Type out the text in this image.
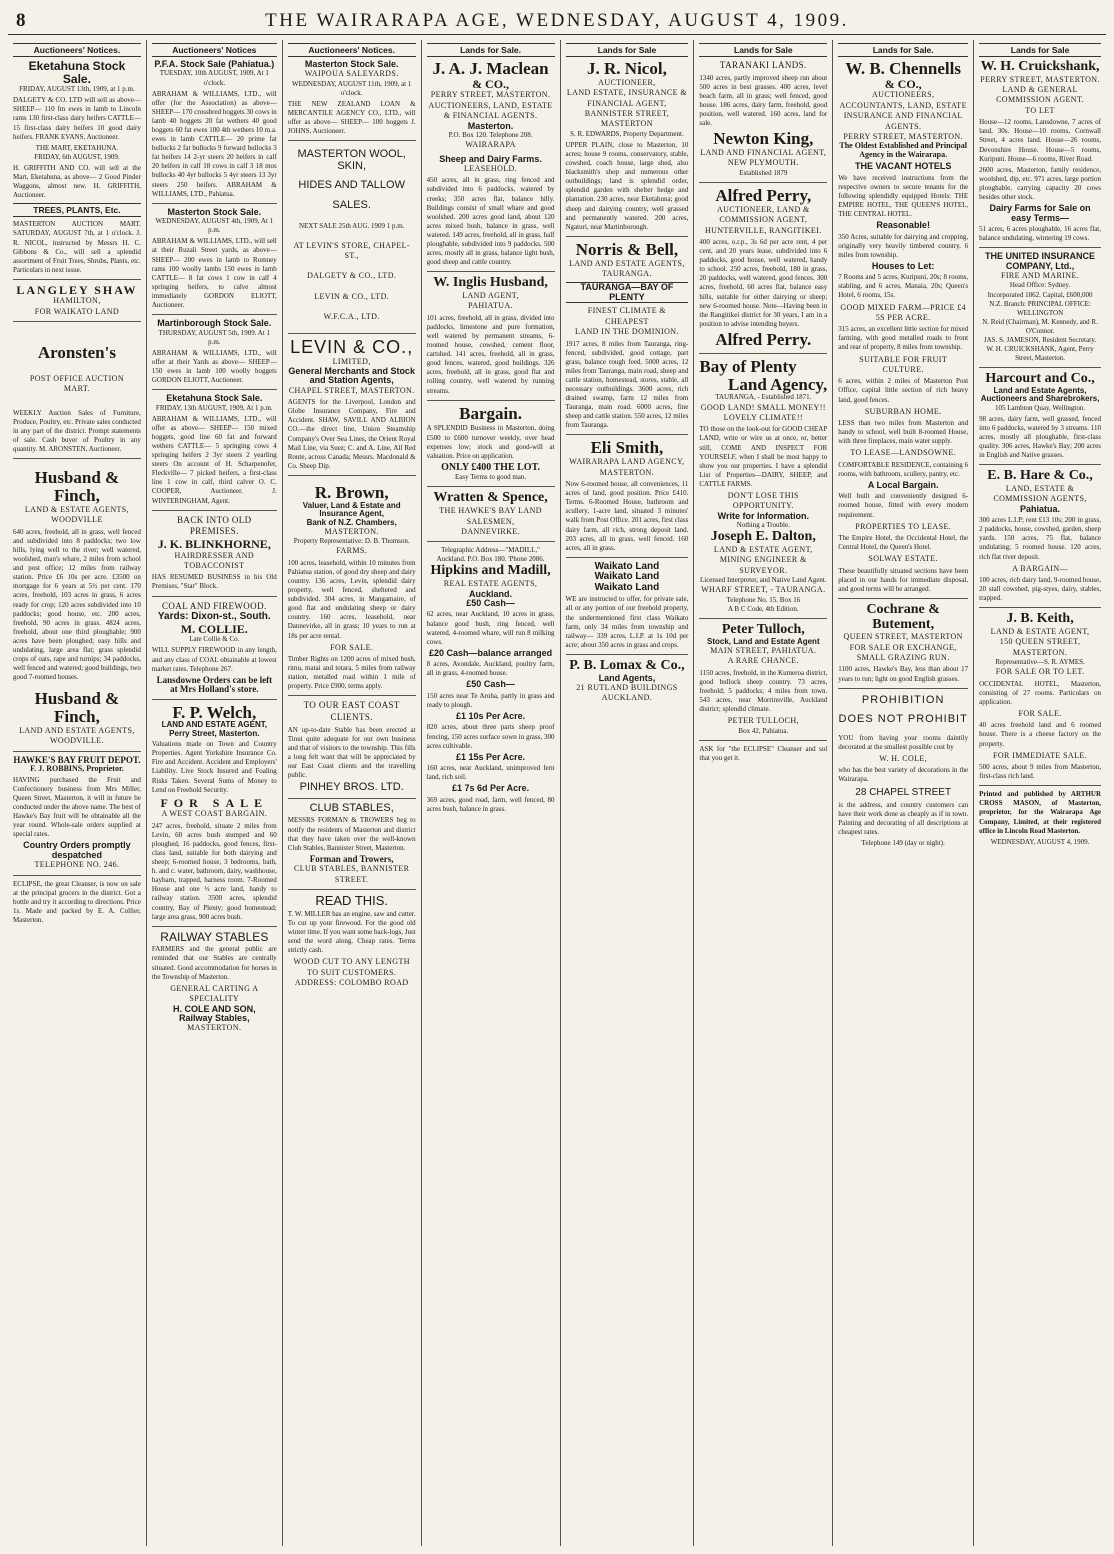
8	THE WAIRARAPA AGE, WEDNESDAY, AUGUST 4, 1909.
Auctioneers' Notices.
Eketahuna Stock Sale.
FRIDAY, AUGUST 13th, 1909, at 1 p.m.

DALGETY & CO. LTD will sell as above— SHEEP— 110 fm ewes in lamb to Lincoln rams 130 first-class dairy heifers CATTLE— 15 first-class dairy heifers 10 good dairy heifers. FRANK EVANS, Auctioneer.

THE MART, EKETAHUNA.
FRIDAY, 6th AUGUST, 1909.

H. GRIFFITH AND CO. will sell at the Mart, Eketahuna, as above— 2 Good Pinder Waggons, almost new. H. GRIFFITH, Auctioneer.

TREES, PLANTS, Etc.

MASTERTON AUCTION MART. SATURDAY, AUGUST 7th, at 1 o'clock. J. R. NICOL, instructed by Messrs H. C. Gibbons & Co., will sell a splendid assortment of Fruit Trees, Shrubs, Plants, etc. Particulars in next issue.

LANGLEY SHAW
HAMILTON,
FOR WAIKATO LAND
Aronsten's
POST OFFICE AUCTION
MART.

WEEKLY Auction Sales of Furniture, Produce, Poultry, etc. Private sales conducted in any part of the district. Prompt statements of sale. Cash buyer of Poultry in any quantity. M. ARONSTEN, Auctioneer.

Husband & Finch,
LAND & ESTATE AGENTS,
WOODVILLE

640 acres, freehold, all in grass, well fenced and subdivided into 8 paddocks; two low hills, lying well to the river; well watered, woolshed, man's whare, 2 miles from school and post office; 12 miles from railway station. Price £6 10s per acre. £3500 on mortgage for 6 years at 5½ per cent. 170 acres, freehold, 103 acres in grass, 6 acres ready for crop; 120 acres subdivided into 10 paddocks; good house, etc. 200 acres, freehold, 90 acres in grass. 4824 acres, freehold, about one third ploughable; 900 acres have been ploughed; easy hills and undulating, large area flat; grass splendid crops of oats, rape and turnips; 34 paddocks, well fenced and watered; good buildings, two good 7-roomed houses.

Husband & Finch,
LAND AND ESTATE AGENTS,
WOODVILLE.
HAWKE'S BAY FRUIT DEPOT.
F. J. ROBBINS, Proprietor.

HAVING purchased the Fruit and Confectionery business from Mrs Miller, Queen Street, Masterton, it will in future be conducted under the above name. The best of Hawke's Bay fruit will be obtainable all the year round. Whole-sale orders supplied at special rates.

Country Orders promptly despatched
TELEPHONE NO. 246.

ECLIPSE, the great Cleanser, is now on sale at the principal grocers in the district. Got a bottle and try it according to directions. Price 1s. Made and packed by E. A. Collier, Masterton.

Auctioneers' Notices
P.F.A. Stock Sale (Pahiatua.)
TUESDAY, 10th AUGUST, 1909, At 1 o'clock.

ABRAHAM & WILLIAMS, LTD., will offer (for the Association) as above— SHEEP— 170 crossbred hoggets 30 cows in lamb 40 hoggets 20 fat wethers 40 good hoggets 60 fat ewes 100 4th wethers 10 m.a. ewes in lamb CATTLE— 20 prime fat bullocks 2 fat bullocks 9 forward bullocks 3 fat heifers 14 2-yr steers 20 heifers in calf 20 heifers in calf 18 cows in calf 3 18 mos bullocks 40 4yr bullocks 5 4yr steers 13 3yr steers 250 heifers. ABRAHAM & WILLIAMS, LTD., Pahiatua.

Masterton Stock Sale.
WEDNESDAY, AUGUST 4th, 1909, At 1 p.m.

ABRAHAM & WILLIAMS, LTD., will sell at their Ruzali Street yards, as above— SHEEP— 200 ewes in lamb to Romney rams 100 woolly lambs 150 ewes in lamb CATTLE— 8 fat cows 1 cow in calf 4 springing heifers, to calve almost immediately GORDON ELIOTT, Auctioneer.

Martinborough Stock Sale.
THURSDAY, AUGUST 5th, 1909. At 1 p.m.

ABRAHAM & WILLIAMS, LTD., will offer at their Yards as above— SHEEP— 150 ewes in lamb 100 woolly hoggets GORDON ELIOTT, Auctioneer.

Eketahuna Stock Sale.
FRIDAY, 13th AUGUST, 1909, At 1 p.m.

ABRAHAM & WILLIAMS, LTD., will offer as above— SHEEP— 150 mixed hoggets, good line 60 fat and forward wethers CATTLE— 5 springing cows 4 springing heifers 2 3yr steers 2 yearling steers On account of H. Scharpenofer, Fleckville— 7 picked heifers, a first-class line 1 cow in calf, third calver O. C. COOPER, Auctioneer. J. WINTERINGHAM, Agent.

BACK INTO OLD PREMISES.
J. K. BLINKHORNE,
HAIRDRESSER AND TOBACCONIST

HAS RESUMED BUSINESS in his Old Premises, "Star" Block.

COAL AND FIREWOOD.
Yards: Dixon-st., South.
M. COLLIE.
Late Collie & Co.

WILL SUPPLY FIREWOOD in any length, and any class of COAL obtainable at lowest market rates. Telephone 267.

Lansdowne Orders can be left at Mrs Holland's store.
F. P. Welch,
LAND AND ESTATE AGENT,
Perry Street, Masterton.

Valuations made on Town and Country Properties. Agent Yorkshire Insurance Co. Fire and Accident. Accident and Employers' Liability. Live Stock Insured and Foaling Risks Taken. Several Sums of Money to Lend on Freehold Security.

FOR SALE
A WEST COAST BARGAIN.

247 acres, freehold, situate 2 miles from Levin, 60 acres bush stumped and 60 ploughed, 16 paddocks, good fences, first-class land, suitable for both dairying and sheep; 6-roomed house, 3 bedrooms, bath, h. and c. water, bathroom, dairy, washhouse, haybarn, trapped, harness room. 7-Roomed House and one ½ acre land, handy to railway station. 3500 acres, splendid country, Bay of Plenty; good homestead; large area grass, 900 acres bush.

RAILWAY STABLES

FARMERS and the general public are reminded that our Stables are centrally situated. Good accommodation for horses in the Township of Masterton.

GENERAL CARTING A SPECIALITY
H. COLE AND SON,
Railway Stables,
MASTERTON.
Auctioneers' Notices.
Masterton Stock Sale.
WAIPOUA SALEYARDS.
WEDNESDAY, AUGUST 11th, 1909, at 1 o'clock.

THE NEW ZEALAND LOAN & MERCANTILE AGENCY CO., LTD., will offer as above— SHEEP— 100 hoggets J. JOHNS, Auctioneer.

MASTERTON WOOL, SKIN,
HIDES AND TALLOW
SALES.
NEXT SALE 25th AUG. 1909 1 p.m.
AT LEVIN'S STORE, CHAPEL-ST.,
DALGETY & CO., LTD.
LEVIN & CO., LTD.
W.F.C.A., LTD.
LEVIN & CO.,
LIMITED,
General Merchants and Stock
and Station Agents,
CHAPEL STREET, MASTERTON.

AGENTS for the Liverpool, London and Globe Insurance Company, Fire and Accident. SHAW, SAVILL AND ALBION CO.—the direct line, Union Steamship Company's Over Sea Lines, the Orient Royal Mail Line, via Suez; C. and A. Line, All Red Route, across Canada; Messrs. Macdonald & Co. Sheep Dip.

R. Brown,
Valuer, Land & Estate and Insurance Agent,
Bank of N.Z. Chambers,
MASTERTON.
Property Representative: D. B. Thomson.
FARMS.

100 acres, leasehold, within 10 minutes from Pahiatua station, of good dry sheep and dairy country. 136 acres, Levin, splendid dairy property, well fenced, sheltered and subdivided. 304 acres, in Mangamaire, of good flat and undulating sheep or dairy country. 160 acres, leasehold, near Dannevirke, all in grass; 10 years to run at 18s per acre rental.

FOR SALE.

Timber Rights on 1200 acres of mixed bush, rimu, matai and totara, 5 miles from railway station, metalled road within 1 mile of property. Price £900, terms apply.

TO OUR EAST COAST CLIENTS.

AN up-to-date Stable has been erected at Tinui quite adequate for our own business and that of visitors to the township. This fills a long felt want that will be appreciated by our East Coast clients and the travelling public.

PINHEY BROS. LTD.
CLUB STABLES,

MESSRS FORMAN & TROWERS beg to notify the residents of Masterton and district that they have taken over the well-known Club Stables, Bannister Street, Masterton.

Forman and Trowers,
CLUB STABLES, BANNISTER STREET.
READ THIS.

T. W. MILLER has an engine, saw and cutter. To cut up your firewood. For the good old winter time. If you want some back-logs, Just send the word along. Cheap rates. Terms strictly cash.

WOOD CUT TO ANY LENGTH TO SUIT CUSTOMERS.
ADDRESS: COLOMBO ROAD
Lands for Sale.
J. A. J. Maclean
& CO.,
PERRY STREET, MASTERTON.
AUCTIONEERS, LAND, ESTATE & FINANCIAL AGENTS.
Masterton.
P.O. Box 120. Telephone 208.
WAIRARAPA
Sheep and Dairy Farms.
LEASEHOLD.

450 acres, all in grass, ring fenced and subdivided into 6 paddocks, watered by creeks; 350 acres flat, balance hilly. Buildings consist of small whare and good woolshed. 200 acres good land, about 120 acres mixed bush, balance in grass, well watered. 149 acres, freehold, all in grass, half ploughable, subdivided into 9 paddocks. 500 acres, mostly all in grass, balance light bush, good sheep and cattle country.

W. Inglis Husband,
LAND AGENT,
PAHIATUA.

101 acres, freehold, all in grass, divided into paddocks, limestone and pure formation, well watered by permanent streams, 6-roomed house, cowshed, cement floor, cartshed. 141 acres, freehold, all in grass, good fences, watered, good buildings. 326 acres, freehold, all in grass, good flat and rolling country, well watered by running streams.

Bargain.

A SPLENDID Business in Masterton, doing £500 to £600 turnover weekly, over head expenses low; stock and good-will at valuation. Price on application.

ONLY £400 THE LOT.
Easy Terms to good man.
Wratten & Spence,
THE HAWKE'S BAY LAND SALESMEN,
DANNEVIRKE.
Telegraphic Address—"MADILL," Auckland. P.O. Box 180. 'Phone 2086.
Hipkins and Madill,
REAL ESTATE AGENTS,
Auckland.
£50 Cash—

62 acres, near Auckland, 10 acres in grass, balance good bush, ring fenced, well watered, 4-roomed whare, will run 8 milking cows.

£20 Cash—balance arranged

8 acres, Avondale, Auckland, poultry farm, all in grass, 4-roomed house.

£50 Cash—

150 acres near Te Aroha, partly in grass and ready to plough.

£1 10s Per Acre.

820 acres, about three parts sheep proof fencing, 150 acres surface sown in grass, 300 acres cultivable.

£1 15s Per Acre.

160 acres, near Auckland, unimproved fern land, rich soil.

£1 7s 6d Per Acre.

369 acres, good road, farm, well fenced, 80 acres bush, balance in grass.

Lands for Sale
J. R. Nicol,
AUCTIONEER,
LAND ESTATE, INSURANCE & FINANCIAL AGENT,
BANNISTER STREET, MASTERTON
S. R. EDWARDS, Property Department.

UPPER PLAIN, close to Masterton, 10 acres; house 9 rooms, conservatory, stable, cowshed, coach house, large shed, also blacksmith's shop and numerous other outbuildings; land is splendid order, splendid garden with shelter hedge and plantation. 230 acres, near Eketahuna; good sheep and dairying country, well grassed and permanently watered. 200 acres, Ngaturi, near Martinborough.

Norris & Bell,
LAND AND ESTATE AGENTS,
TAURANGA.
TAURANGA—BAY OF PLENTY
FINEST CLIMATE & CHEAPEST
LAND IN THE DOMINION.

1917 acres, 8 miles from Tauranga, ring-fenced, subdivided, good cottage, part grass, balance rough feed. 5000 acres, 12 miles from Tauranga, main road, sheep and cattle station, homestead, stores, stable, all necessary outbuildings. 3600 acres, rich drained swamp, farm 12 miles from Tauranga, main road. 6000 acres, fine sheep and cattle station. 550 acres, 12 miles from Tauranga.

Eli Smith,
WAIRARAPA LAND AGENCY,
MASTERTON.

Now 6-roomed house, all conveniences, 11 acres of land, good position. Price £410. Terms. 6-Roomed House, bathroom and scullery, 1-acre land, situated 3 minutes' walk from Post Office. 201 acres, first class dairy farm, all rich, strong deposit land. 203 acres, all in grass, well fenced. 160 acres, all in grass.

Waikato Land
Waikato Land
Waikato Land

WE are instructed to offer, for private sale, all or any portion of our freehold property, the undermentioned first class Waikato farm, only 34 miles from township and railway— 339 acres, L.I.P. at 1s 10d per acre; about 350 acres in grass and crops.

P. B. Lomax & Co.,
Land Agents,
21 RUTLAND BUILDINGS
AUCKLAND.
Lands for Sale
TARANAKI LANDS.

1340 acres, partly improved sheep run about 500 acres in best grasses. 400 acres, level beach farm, all in grass; well fenced, good house. 186 acres, dairy farm, freehold, good position, well watered. 160 acres, land for sale.

Newton King,
LAND AND FINANCIAL AGENT,
NEW PLYMOUTH.
Established 1879
Alfred Perry,
AUCTIONEER, LAND & COMMISSION AGENT,
HUNTERVILLE, RANGITIKEI.

400 acres, o.r.p., 3s 6d per acre rent, 4 per cent, and 20 years lease, subdivided into 6 paddocks, good house, well watered, handy to school. 250 acres, freehold, 180 in grass, 20 paddocks, well watered, good fences. 300 acres, freehold, 60 acres flat, balance easy hills, suitable for either dairying or sheep; new 6-roomed house. Note—Having been in the Rangitikei district for 30 years, I am in a position to advise intending buyers.

Alfred Perry.
Bay of Plenty
Land Agency,
TAURANGA, - Established 1871.
GOOD LAND! SMALL MONEY!! LOVELY CLIMATE!!

TO those on the look-out for GOOD CHEAP LAND, write or wire us at once, or, better still, COME AND INSPECT FOR YOURSELF, when I shall be most happy to show you our properties. I have a splendid List of Properties—DAIRY, SHEEP, and CATTLE FARMS.

DON'T LOSE THIS OPPORTUNITY.
Write for Information.
Nothing a Trouble.
Joseph E. Dalton,
LAND & ESTATE AGENT, MINING ENGINEER & SURVEYOR.
Licensed Interpreter, and Native Land Agent.
WHARF STREET, - TAURANGA.
Telephone No. 15. Box 16
A B C Code, 4th Edition.
Peter Tulloch,
Stock, Land and Estate Agent
MAIN STREET, PAHIATUA.
A RARE CHANCE.

1150 acres, freehold, in the Kumeroa district, good bullock sheep country. 73 acres, freehold; 5 paddocks; 4 miles from town. 543 acres, near Morrinsville, Auckland district; splendid climate.

PETER TULLOCH,
Box 42, Pahiatua.

ASK for "the ECLIPSE" Cleanser and sol that you get it.

Lands for Sale.
W. B. Chennells
& CO.,
AUCTIONEERS, ACCOUNTANTS, LAND, ESTATE INSURANCE AND FINANCIAL AGENTS.
PERRY STREET, MASTERTON.
The Oldest Established and Principal Agency in the Wairarapa.
THE VACANT HOTELS

We have received instructions from the respective owners to secure tenants for the following splendidly equipped Hotels: THE EMPIRE HOTEL, THE QUEEN'S HOTEL, THE CENTRAL HOTEL.

Reasonable!

350 Acres, suitable for dairying and cropping, originally very heavily timbered country, 6 miles from township.

Houses to Let:

7 Rooms and 5 acres, Kuripuni, 20s; 8 rooms, stabling, and 6 acres, Manaia, 20s; Queen's Hotel, 6 rooms, 15s.

GOOD MIXED FARM—PRICE £4 5S PER ACRE.

315 acres, an excellent little section for mixed farming, with good metalled roads to front and rear of property, 8 miles from township.

SUITABLE FOR FRUIT CULTURE.

6 acres, within 2 miles of Masterton Post Office, capital little section of rich heavy land, good fences.

SUBURBAN HOME.

LESS than two miles from Masterton and handy to school, well built 8-roomed House, with three fireplaces, main water supply.

TO LEASE—LANDSOWNE.

COMFORTABLE RESIDENCE, containing 6 rooms, with bathroom, scullery, pantry, etc.

A Local Bargain.

Well built and conveniently designed 6-roomed house, fitted with every modern requirement.

PROPERTIES TO LEASE.

The Empire Hotel, the Occidental Hotel, the Central Hotel, the Queen's Hotel.

SOLWAY ESTATE.

These beautifully situated sections have been placed in our hands for immediate disposal, and good terms will be arranged.

Cochrane & Butement,
QUEEN STREET, MASTERTON
FOR SALE OR EXCHANGE, SMALL GRAZING RUN.

1100 acres, Hawke's Bay, less than about 17 years to run; light on good English grasses.

PROHIBITION
DOES NOT PROHIBIT

YOU from having your rooms daintily decorated at the smallest possible cost by

W. H. COLE,

who has the best variety of decorations in the Wairarapa.

28 CHAPEL STREET

is the address, and country customers can have their work done as cheaply as if in town. Painting and decorating of all descriptions at cheapest rates.

Telephone 149 (day or night).
Lands for Sale
W. H. Cruickshank,
PERRY STREET, MASTERTON.
LAND & GENERAL COMMISSION AGENT.
TO LET

House—12 rooms, Lansdowne, 7 acres of land, 30s. House—10 rooms, Cornwall Street, 4 acres land. House—26 rooms, Devonshire House. House—5 rooms, Kuripuni. House—6 rooms, River Road.

2600 acres, Masterton, family residence, woolshed, dip, etc. 971 acres, large portion ploughable, carrying capacity 20 cows besides other stock.

Dairy Farms for Sale on easy Terms—

51 acres, 6 acres ploughable, 16 acres flat, balance undulating, wintering 19 cows.

THE UNITED INSURANCE COMPANY, Ltd.,
FIRE AND MARINE.
Head Office: Sydney.
Incorporated 1862. Capital, £600,000
N.Z. Branch: PRINCIPAL OFFICE: WELLINGTON
N. Reid (Chairman), M. Kennedy, and R. O'Connor.
JAS. S. JAMESON, Resident Secretary.
W. H. CRUICKSHANK, Agent, Perry Street, Masterton.
Harcourt and Co.,
Land and Estate Agents, Auctioneers and Sharebrokers,
105 Lambton Quay, Wellington.

98 acres, dairy farm, well grassed, fenced into 6 paddocks, watered by 3 streams. 110 acres, mostly all ploughable, first-class quality. 306 acres, Hawke's Bay; 200 acres in English and Native grasses.

E. B. Hare & Co.,
LAND, ESTATE & COMMISSION AGENTS,
Pahiatua.

300 acres L.I.P; rent £13 10s; 200 in grass, 2 paddocks, house, cowshed, garden, sheep yards. 150 acres, 75 flat, balance undulating; 5 roomed house. 120 acres, rich flat river deposit.

A BARGAIN—

100 acres, rich dairy land, 9-roomed house, 20 stall cowshed, pig-styes, dairy, stables, trapped.

J. B. Keith,
LAND & ESTATE AGENT,
150 QUEEN STREET, MASTERTON.
Representative—S. R. AYMES.
FOR SALE OR TO LET.

OCCIDENTAL HOTEL, Masterton, consisting of 27 rooms. Particulars on application.

FOR SALE.

40 acres freehold land and 6 roomed house. There is a cheese factory on the property.

FOR IMMEDIATE SALE.

500 acres, about 9 miles from Masterton, first-class rich land.

Printed and published by ARTHUR CROSS MASON, of Masterton, proprietor, for the Wairarapa Age Company, Limited, at their registered office in Lincoln Road Masterton.

WEDNESDAY, AUGUST 4, 1909.
